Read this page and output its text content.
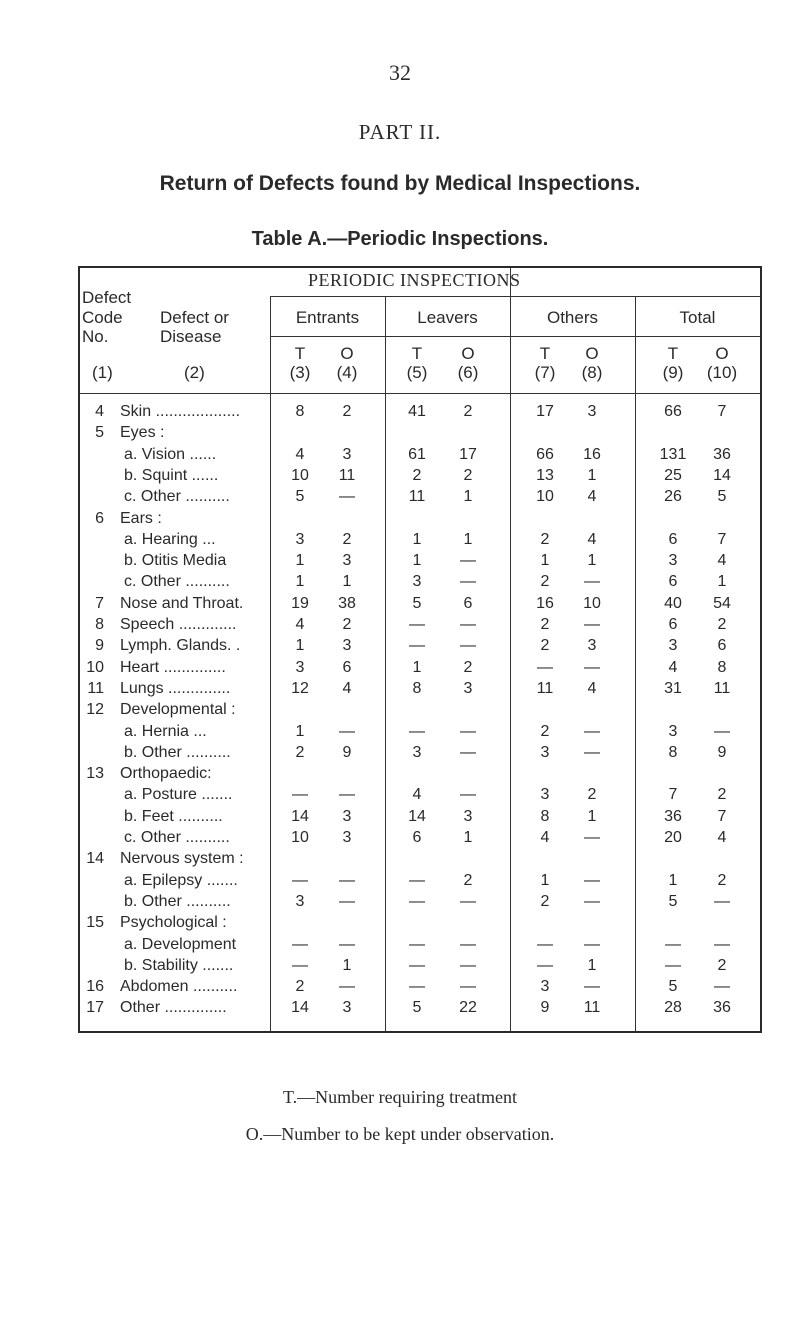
32
PART II.
Return of Defects found by Medical Inspections.
Table A.—Periodic Inspections.
PERIODIC INSPECTIONS
Defect
Code Defect or
No.	Disease
(1)	(2)
Entrants	Leavers	Others	Total
T	O	T	O	T	O	T	O
(3)	(4)	(5)	(6)	(7)	(8)	(9)	(10)
4 Skin ...................	8	2	41	2	17	3	66	7
5 Eyes :
a. Vision ......	4	3	61	17	66	16	131	36
b. Squint ......	10	11	2	2	13	1	25	14
c. Other ..........	5	—	11	1	10	4	26	5
6 Ears :
a. Hearing ...	3	2	1	1	2	4	6	7
b. Otitis Media	1	3	1	—	1	1	3	4
c. Other ..........	1	1	3	—	2	—	6	1
7 Nose and Throat.	19	38	5	6	16	10	40	54
8 Speech .............	4	2	—	—	2	—	6	2
9 Lymph. Glands. .	1	3	—	—	2	3	3	6
10 Heart ..............	3	6	1	2	—	—	4	8
11 Lungs ..............	12	4	8	3	11	4	31	11
12 Developmental :
a. Hernia ...	1	—	—	—	2	—	3	—
b. Other ..........	2	9	3	—	3	—	8	9
13 Orthopaedic:
a. Posture .......	—	—	4	—	3	2	7	2
b. Feet ..........	14	3	14	3	8	1	36	7
c. Other ..........	10	3	6	1	4	—	20	4
14 Nervous system :
a. Epilepsy .......	—	—	—	2	1	—	1	2
b. Other ..........	3	—	—	—	2	—	5	—
15 Psychological :
a. Development	—	—	—	—	—	—	—	—
b. Stability .......	—	1	—	—	—	1	—	2
16 Abdomen ..........	2	—	—	—	3	—	5	—
17 Other ..............	14	3	5	22	9	11	28	36
T.—Number requiring treatment
O.—Number to be kept under observation.
